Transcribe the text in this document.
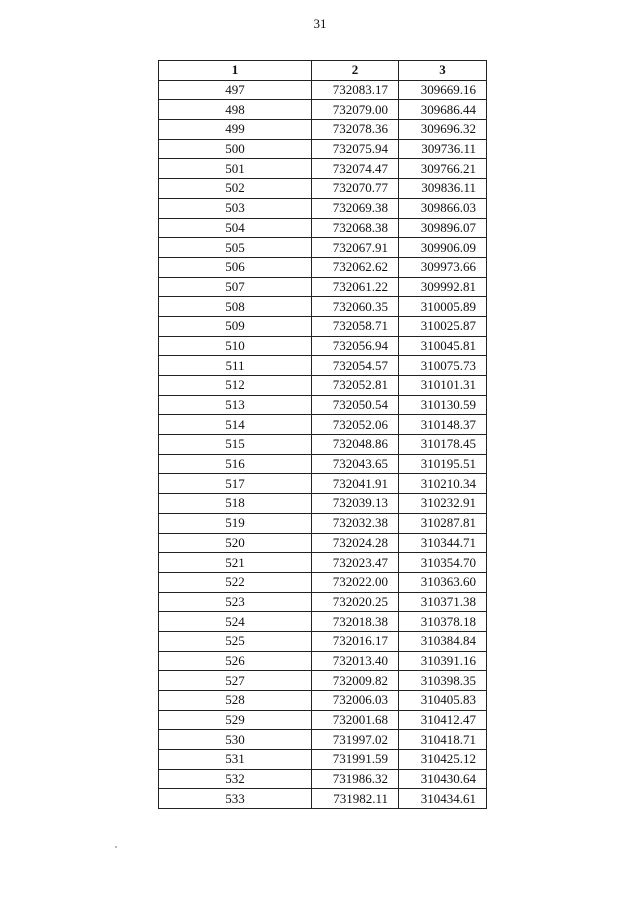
31
1	2	3
497	732083.17	309669.16
498	732079.00	309686.44
499	732078.36	309696.32
500	732075.94	309736.11
501	732074.47	309766.21
502	732070.77	309836.11
503	732069.38	309866.03
504	732068.38	309896.07
505	732067.91	309906.09
506	732062.62	309973.66
507	732061.22	309992.81
508	732060.35	310005.89
509	732058.71	310025.87
510	732056.94	310045.81
511	732054.57	310075.73
512	732052.81	310101.31
513	732050.54	310130.59
514	732052.06	310148.37
515	732048.86	310178.45
516	732043.65	310195.51
517	732041.91	310210.34
518	732039.13	310232.91
519	732032.38	310287.81
520	732024.28	310344.71
521	732023.47	310354.70
522	732022.00	310363.60
523	732020.25	310371.38
524	732018.38	310378.18
525	732016.17	310384.84
526	732013.40	310391.16
527	732009.82	310398.35
528	732006.03	310405.83
529	732001.68	310412.47
530	731997.02	310418.71
531	731991.59	310425.12
532	731986.32	310430.64
533	731982.11	310434.61
